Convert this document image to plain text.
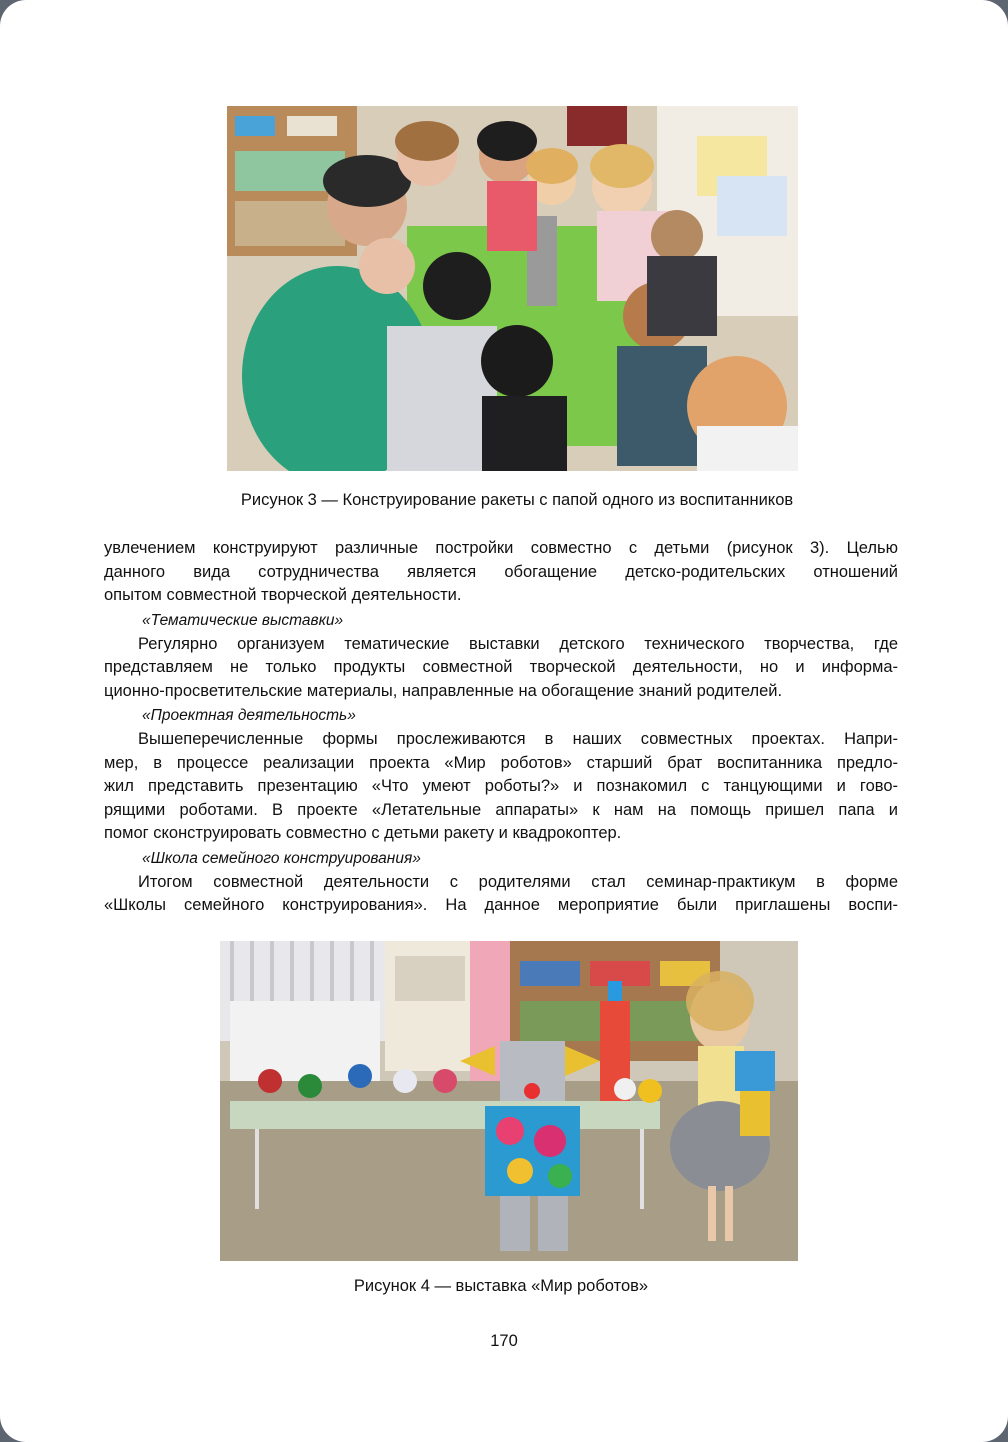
Рисунок 3 — Конструирование ракеты с папой одного из воспитанников
увлечением конструируют различные постройки совместно с детьми (рисунок 3). Целью
данного вида сотрудничества является обогащение детско-родительских отношений
опытом совместной творческой деятельности.
«Тематические выставки»
Регулярно организуем тематические выставки детского технического творчества, где
представляем не только продукты совместной творческой деятельности, но и информа-
ционно-просветительские материалы, направленные на обогащение знаний родителей.
«Проектная деятельность»
Вышеперечисленные формы прослеживаются в наших совместных проектах. Напри-
мер, в процессе реализации проекта «Мир роботов» старший брат воспитанника предло-
жил представить презентацию «Что умеют роботы?» и познакомил с танцующими и гово-
рящими роботами. В проекте «Летательные аппараты» к нам на помощь пришел папа и
помог сконструировать совместно с детьми ракету и квадрокоптер.
«Школа семейного конструирования»
Итогом совместной деятельности с родителями стал семинар-практикум в форме
«Школы семейного конструирования». На данное мероприятие были приглашены воспи-
Рисунок 4 — выставка «Мир роботов»
170
